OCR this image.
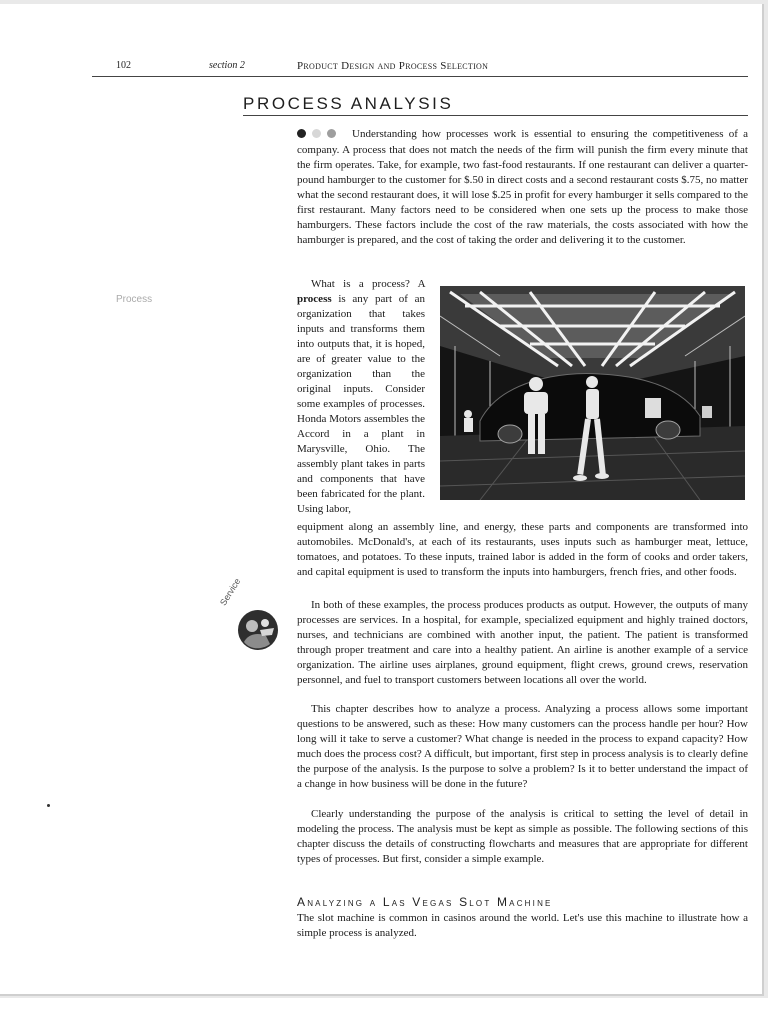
102	section 2	Product Design and Process Selection
PROCESS ANALYSIS

Understanding how processes work is essential to ensuring the competitiveness of a company. A process that does not match the needs of the firm will punish the firm every minute that the firm operates. Take, for example, two fast-food restaurants. If one restaurant can deliver a quarter-pound hamburger to the customer for $.50 in direct costs and a second restaurant costs $.75, no matter what the second restaurant does, it will lose $.25 in profit for every hamburger it sells compared to the first restaurant. Many factors need to be considered when one sets up the process to make those hamburgers. These factors include the cost of the raw materials, the costs associated with how the hamburger is prepared, and the cost of taking the order and delivering it to the customer.

Process

What is a process? A process is any part of an organization that takes inputs and transforms them into outputs that, it is hoped, are of greater value to the organization than the original inputs. Consider some examples of processes. Honda Motors assembles the Accord in a plant in Marysville, Ohio. The assembly plant takes in parts and components that have been fabricated for the plant. Using labor,

equipment along an assembly line, and energy, these parts and components are transformed into automobiles. McDonald's, at each of its restaurants, uses inputs such as hamburger meat, lettuce, tomatoes, and potatoes. To these inputs, trained labor is added in the form of cooks and order takers, and capital equipment is used to transform the inputs into hamburgers, french fries, and other foods.

Service	In both of these examples, the process produces products as output. However, the outputs of many processes are services. In a hospital, for example, specialized equipment and highly trained doctors, nurses, and technicians are combined with another input, the patient. The patient is transformed through proper treatment and care into a healthy patient. An airline is another example of a service organization. The airline uses airplanes, ground equipment, flight crews, ground crews, reservation personnel, and fuel to transport customers between locations all over the world.

This chapter describes how to analyze a process. Analyzing a process allows some important questions to be answered, such as these: How many customers can the process handle per hour? How long will it take to serve a customer? What change is needed in the process to expand capacity? How much does the process cost? A difficult, but important, first step in process analysis is to clearly define the purpose of the analysis. Is the purpose to solve a problem? Is it to better understand the impact of a change in how business will be done in the future?

Clearly understanding the purpose of the analysis is critical to setting the level of detail in modeling the process. The analysis must be kept as simple as possible. The following sections of this chapter discuss the details of constructing flowcharts and measures that are appropriate for different types of processes. But first, consider a simple example.

Analyzing a Las Vegas Slot Machine

The slot machine is common in casinos around the world. Let's use this machine to illustrate how a simple process is analyzed.
